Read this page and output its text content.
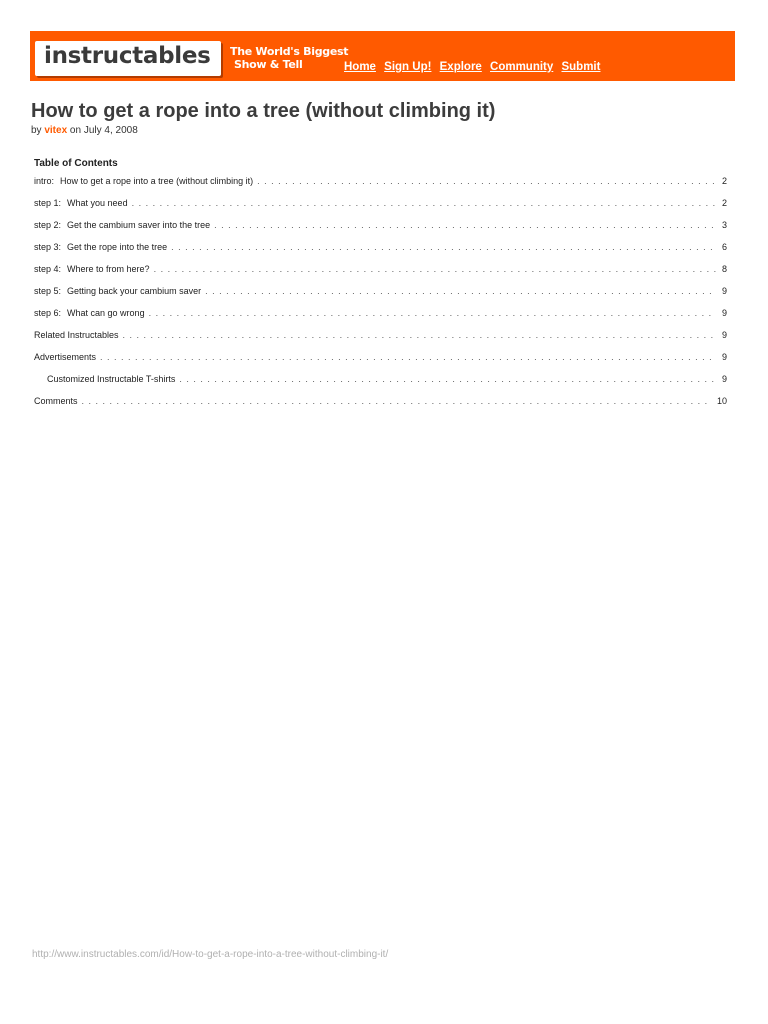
instructables The World's Biggest
Show & Tell	Home Sign Up! Explore Community Submit
How to get a rope into a tree (without climbing it)
by vitex on July 4, 2008
Table of Contents
intro: How to get a rope into a tree (without climbing it) . . .	2
step 1: What you need . . .	2
step 2: Get the cambium saver into the tree . . .	3
step 3: Get the rope into the tree . . .	6
step 4: Where to from here? . . .	8
step 5: Getting back your cambium saver . . .	9
step 6: What can go wrong . . .	9
Related Instructables . . .	9
Advertisements . . .	9
Customized Instructable T-shirts . . .	9
Comments . . .	10
http://www.instructables.com/id/How-to-get-a-rope-into-a-tree-without-climbing-it/
